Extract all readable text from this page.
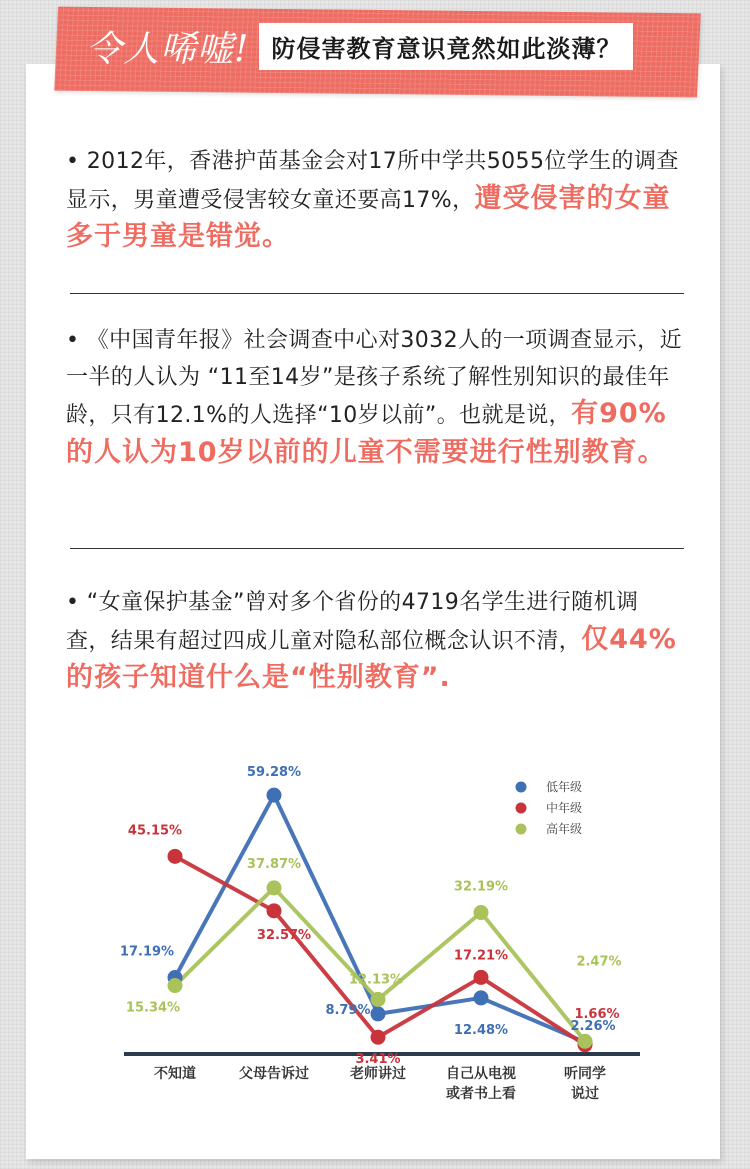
令人唏嘘! 防侵害教育意识竟然如此淡薄？
• 2012年，香港护苗基金会对17所中学共5055位学生的调查显示，男童遭受侵害较女童还要高17%，遭受侵害的女童多于男童是错觉。
• 《中国青年报》社会调查中心对3032人的一项调查显示，近一半的人认为 “11至14岁”是孩子系统了解性别知识的最佳年龄，只有12.1%的人选择“10岁以前”。也就是说，有90%的人认为10岁以前的儿童不需要进行性别教育。
• “女童保护基金”曾对多个省份的4719名学生进行随机调查，结果有超过四成儿童对隐私部位概念认识不清，仅44%的孩子知道什么是“性别教育”.
不知道	父母告诉过	老师讲过	自己从电视或者书上看
听同学说过
17.19%
59.28%
8.79%
12.48%	2.26%
45.15%
32.57%
3.41%
17.21%
1.66%
15.34%
37.87%
12.13%
32.19%
2.47%
低年级
中年级
高年级
